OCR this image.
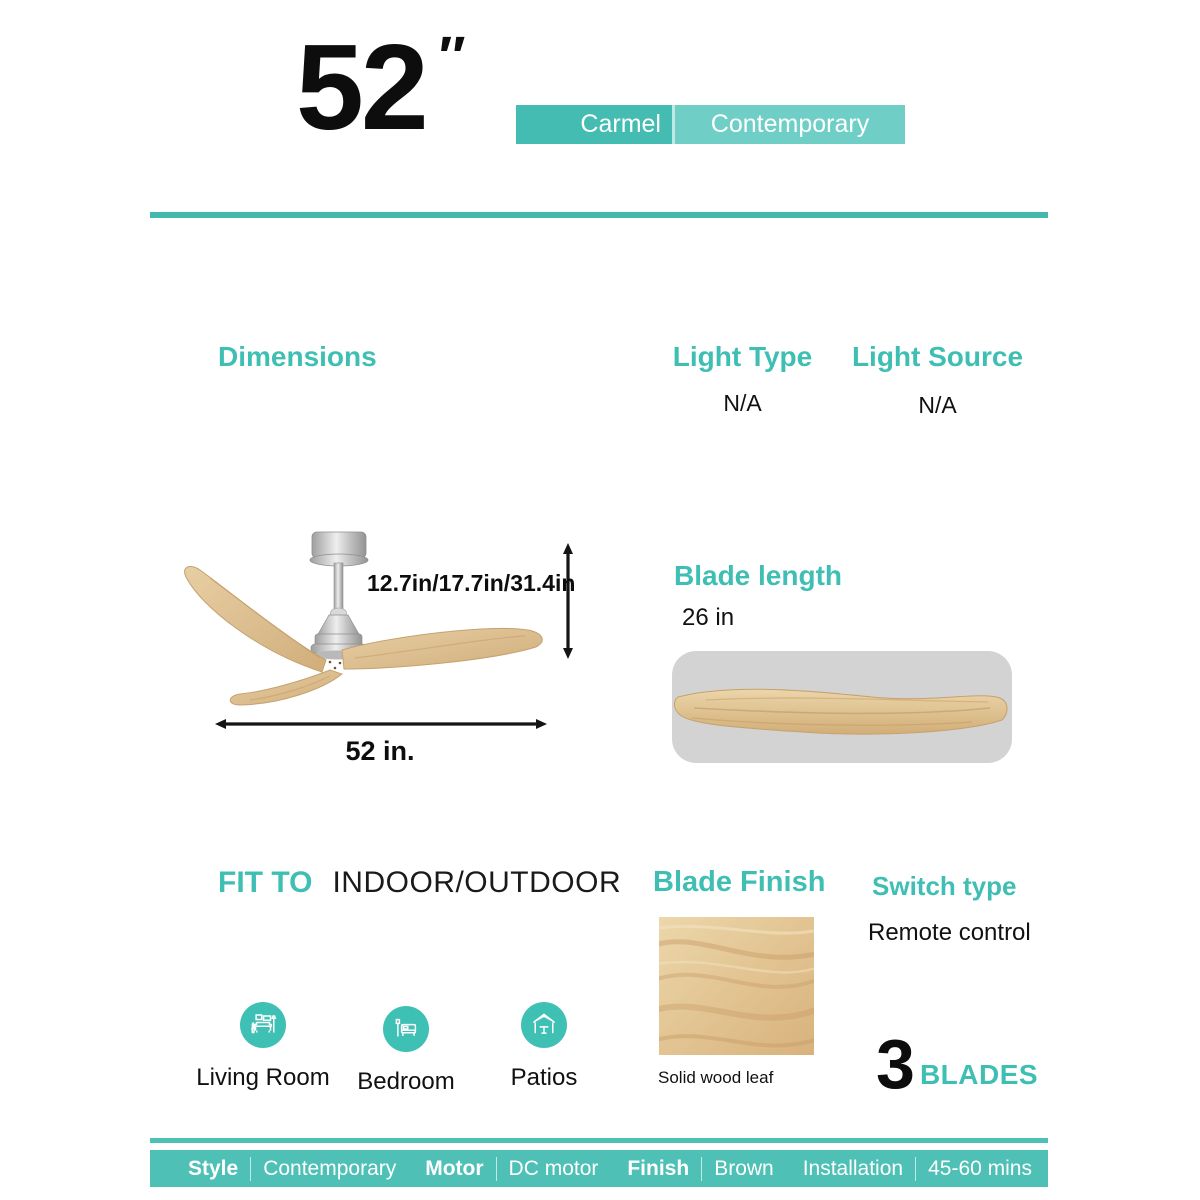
52 ″
Carmel	Contemporary
Dimensions	Light Type	Light Source
N/A	N/A
12.7in/17.7in/31.4in
52 in.
Blade length
26 in
FIT TO INDOOR/OUTDOOR
Living Room Bedroom Patios
Blade Finish
Solid wood leaf
Switch type
Remote control
3 BLADES
Style Contemporary Motor DC motor Finish Brown Installation 45-60 mins
